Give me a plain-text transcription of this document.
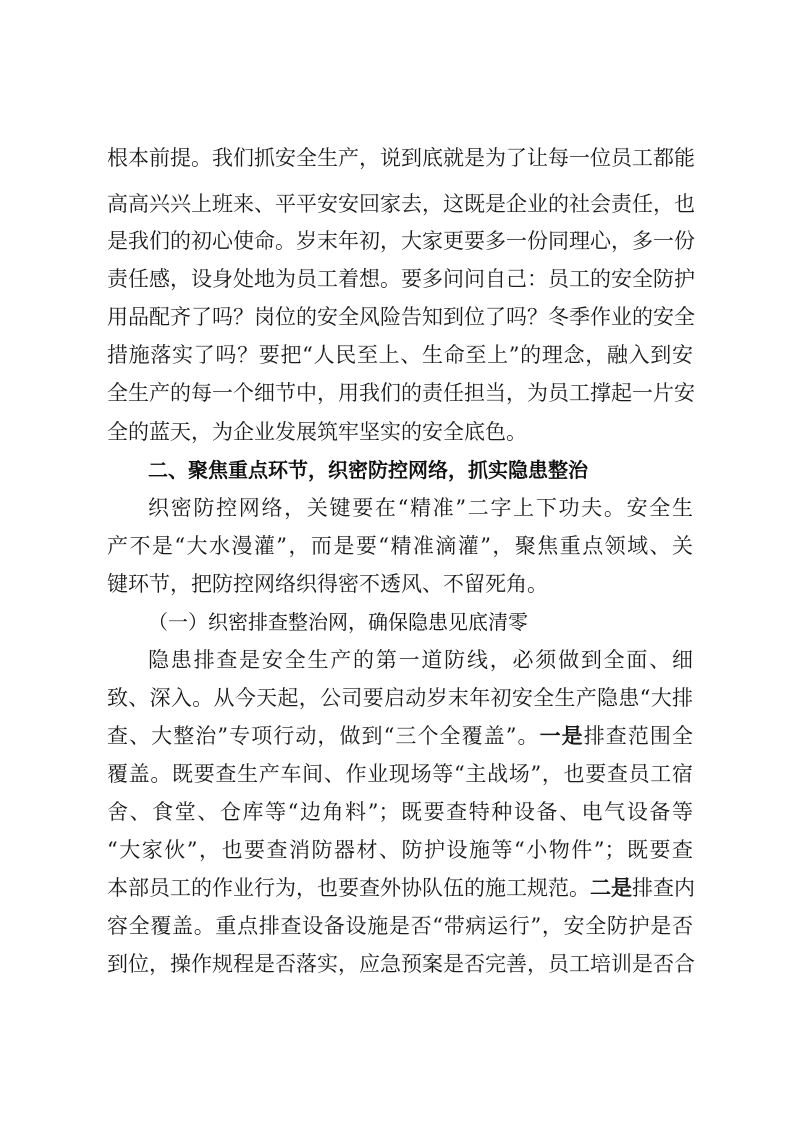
根本前提。我们抓安全生产，说到底就是为了让每一位员工都能
高高兴兴上班来、平平安安回家去，这既是企业的社会责任，也
是我们的初心使命。岁末年初，大家更要多一份同理心，多一份
责任感，设身处地为员工着想。要多问问自己：员工的安全防护
用品配齐了吗？岗位的安全风险告知到位了吗？冬季作业的安全
措施落实了吗？要把“人民至上、生命至上”的理念，融入到安
全生产的每一个细节中，用我们的责任担当，为员工撑起一片安
全的蓝天，为企业发展筑牢坚实的安全底色。
二、聚焦重点环节，织密防控网络，抓实隐患整治
织密防控网络，关键要在“精准”二字上下功夫。安全生
产不是“大水漫灌”，而是要“精准滴灌”，聚焦重点领域、关
键环节，把防控网络织得密不透风、不留死角。
（一）织密排查整治网，确保隐患见底清零
隐患排查是安全生产的第一道防线，必须做到全面、细
致、深入。从今天起，公司要启动岁末年初安全生产隐患“大排
查、大整治”专项行动，做到“三个全覆盖”。一是排查范围全
覆盖。既要查生产车间、作业现场等“主战场”，也要查员工宿
舍、食堂、仓库等“边角料”；既要查特种设备、电气设备等
“大家伙”，也要查消防器材、防护设施等“小物件”；既要查
本部员工的作业行为，也要查外协队伍的施工规范。二是排查内
容全覆盖。重点排查设备设施是否“带病运行”，安全防护是否
到位，操作规程是否落实，应急预案是否完善，员工培训是否合
